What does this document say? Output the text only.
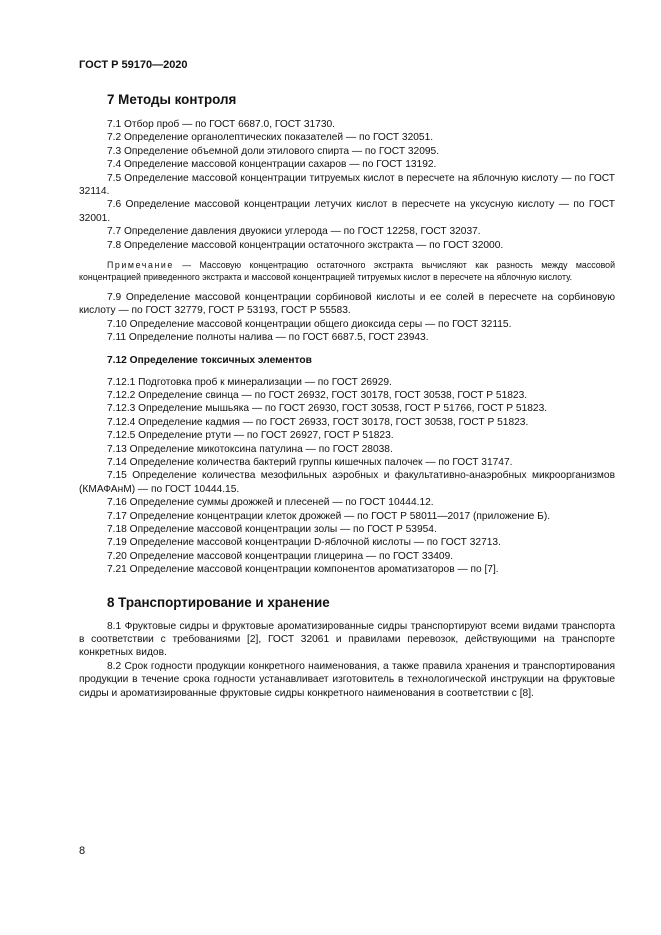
ГОСТ Р 59170—2020
7 Методы контроля

7.1 Отбор проб — по ГОСТ 6687.0, ГОСТ 31730.

7.2 Определение органолептических показателей — по ГОСТ 32051.

7.3 Определение объемной доли этилового спирта — по ГОСТ 32095.

7.4 Определение массовой концентрации сахаров — по ГОСТ 13192.

7.5 Определение массовой концентрации титруемых кислот в пересчете на яблочную кислоту — по ГОСТ 32114.

7.6 Определение массовой концентрации летучих кислот в пересчете на уксусную кислоту — по ГОСТ 32001.

7.7 Определение давления двуокиси углерода — по ГОСТ 12258, ГОСТ 32037.

7.8 Определение массовой концентрации остаточного экстракта — по ГОСТ 32000.

Примечание — Массовую концентрацию остаточного экстракта вычисляют как разность между массовой концентрацией приведенного экстракта и массовой концентрацией титруемых кислот в пересчете на яблочную кислоту.

7.9 Определение массовой концентрации сорбиновой кислоты и ее солей в пересчете на сорбиновую кислоту — по ГОСТ 32779, ГОСТ Р 53193, ГОСТ Р 55583.

7.10 Определение массовой концентрации общего диоксида серы — по ГОСТ 32115.

7.11 Определение полноты налива — по ГОСТ 6687.5, ГОСТ 23943.

7.12 Определение токсичных элементов

7.12.1 Подготовка проб к минерализации — по ГОСТ 26929.

7.12.2 Определение свинца — по ГОСТ 26932, ГОСТ 30178, ГОСТ 30538, ГОСТ Р 51823.

7.12.3 Определение мышьяка — по ГОСТ 26930, ГОСТ 30538, ГОСТ Р 51766, ГОСТ Р 51823.

7.12.4 Определение кадмия — по ГОСТ 26933, ГОСТ 30178, ГОСТ 30538, ГОСТ Р 51823.

7.12.5 Определение ртути — по ГОСТ 26927, ГОСТ Р 51823.

7.13 Определение микотоксина патулина — по ГОСТ 28038.

7.14 Определение количества бактерий группы кишечных палочек — по ГОСТ 31747.

7.15 Определение количества мезофильных аэробных и факультативно-анаэробных микроорганизмов (КМАФАнМ) — по ГОСТ 10444.15.

7.16 Определение суммы дрожжей и плесеней — по ГОСТ 10444.12.

7.17 Определение концентрации клеток дрожжей — по ГОСТ Р 58011—2017 (приложение Б).

7.18 Определение массовой концентрации золы — по ГОСТ Р 53954.

7.19 Определение массовой концентрации D-яблочной кислоты — по ГОСТ 32713.

7.20 Определение массовой концентрации глицерина — по ГОСТ 33409.

7.21 Определение массовой концентрации компонентов ароматизаторов — по [7].

8 Транспортирование и хранение

8.1 Фруктовые сидры и фруктовые ароматизированные сидры транспортируют всеми видами транспорта в соответствии с требованиями [2], ГОСТ 32061 и правилами перевозок, действующими на транспорте конкретных видов.

8.2 Срок годности продукции конкретного наименования, а также правила хранения и транспортирования продукции в течение срока годности устанавливает изготовитель в технологической инструкции на фруктовые сидры и ароматизированные фруктовые сидры конкретного наименования в соответствии с [8].

8
